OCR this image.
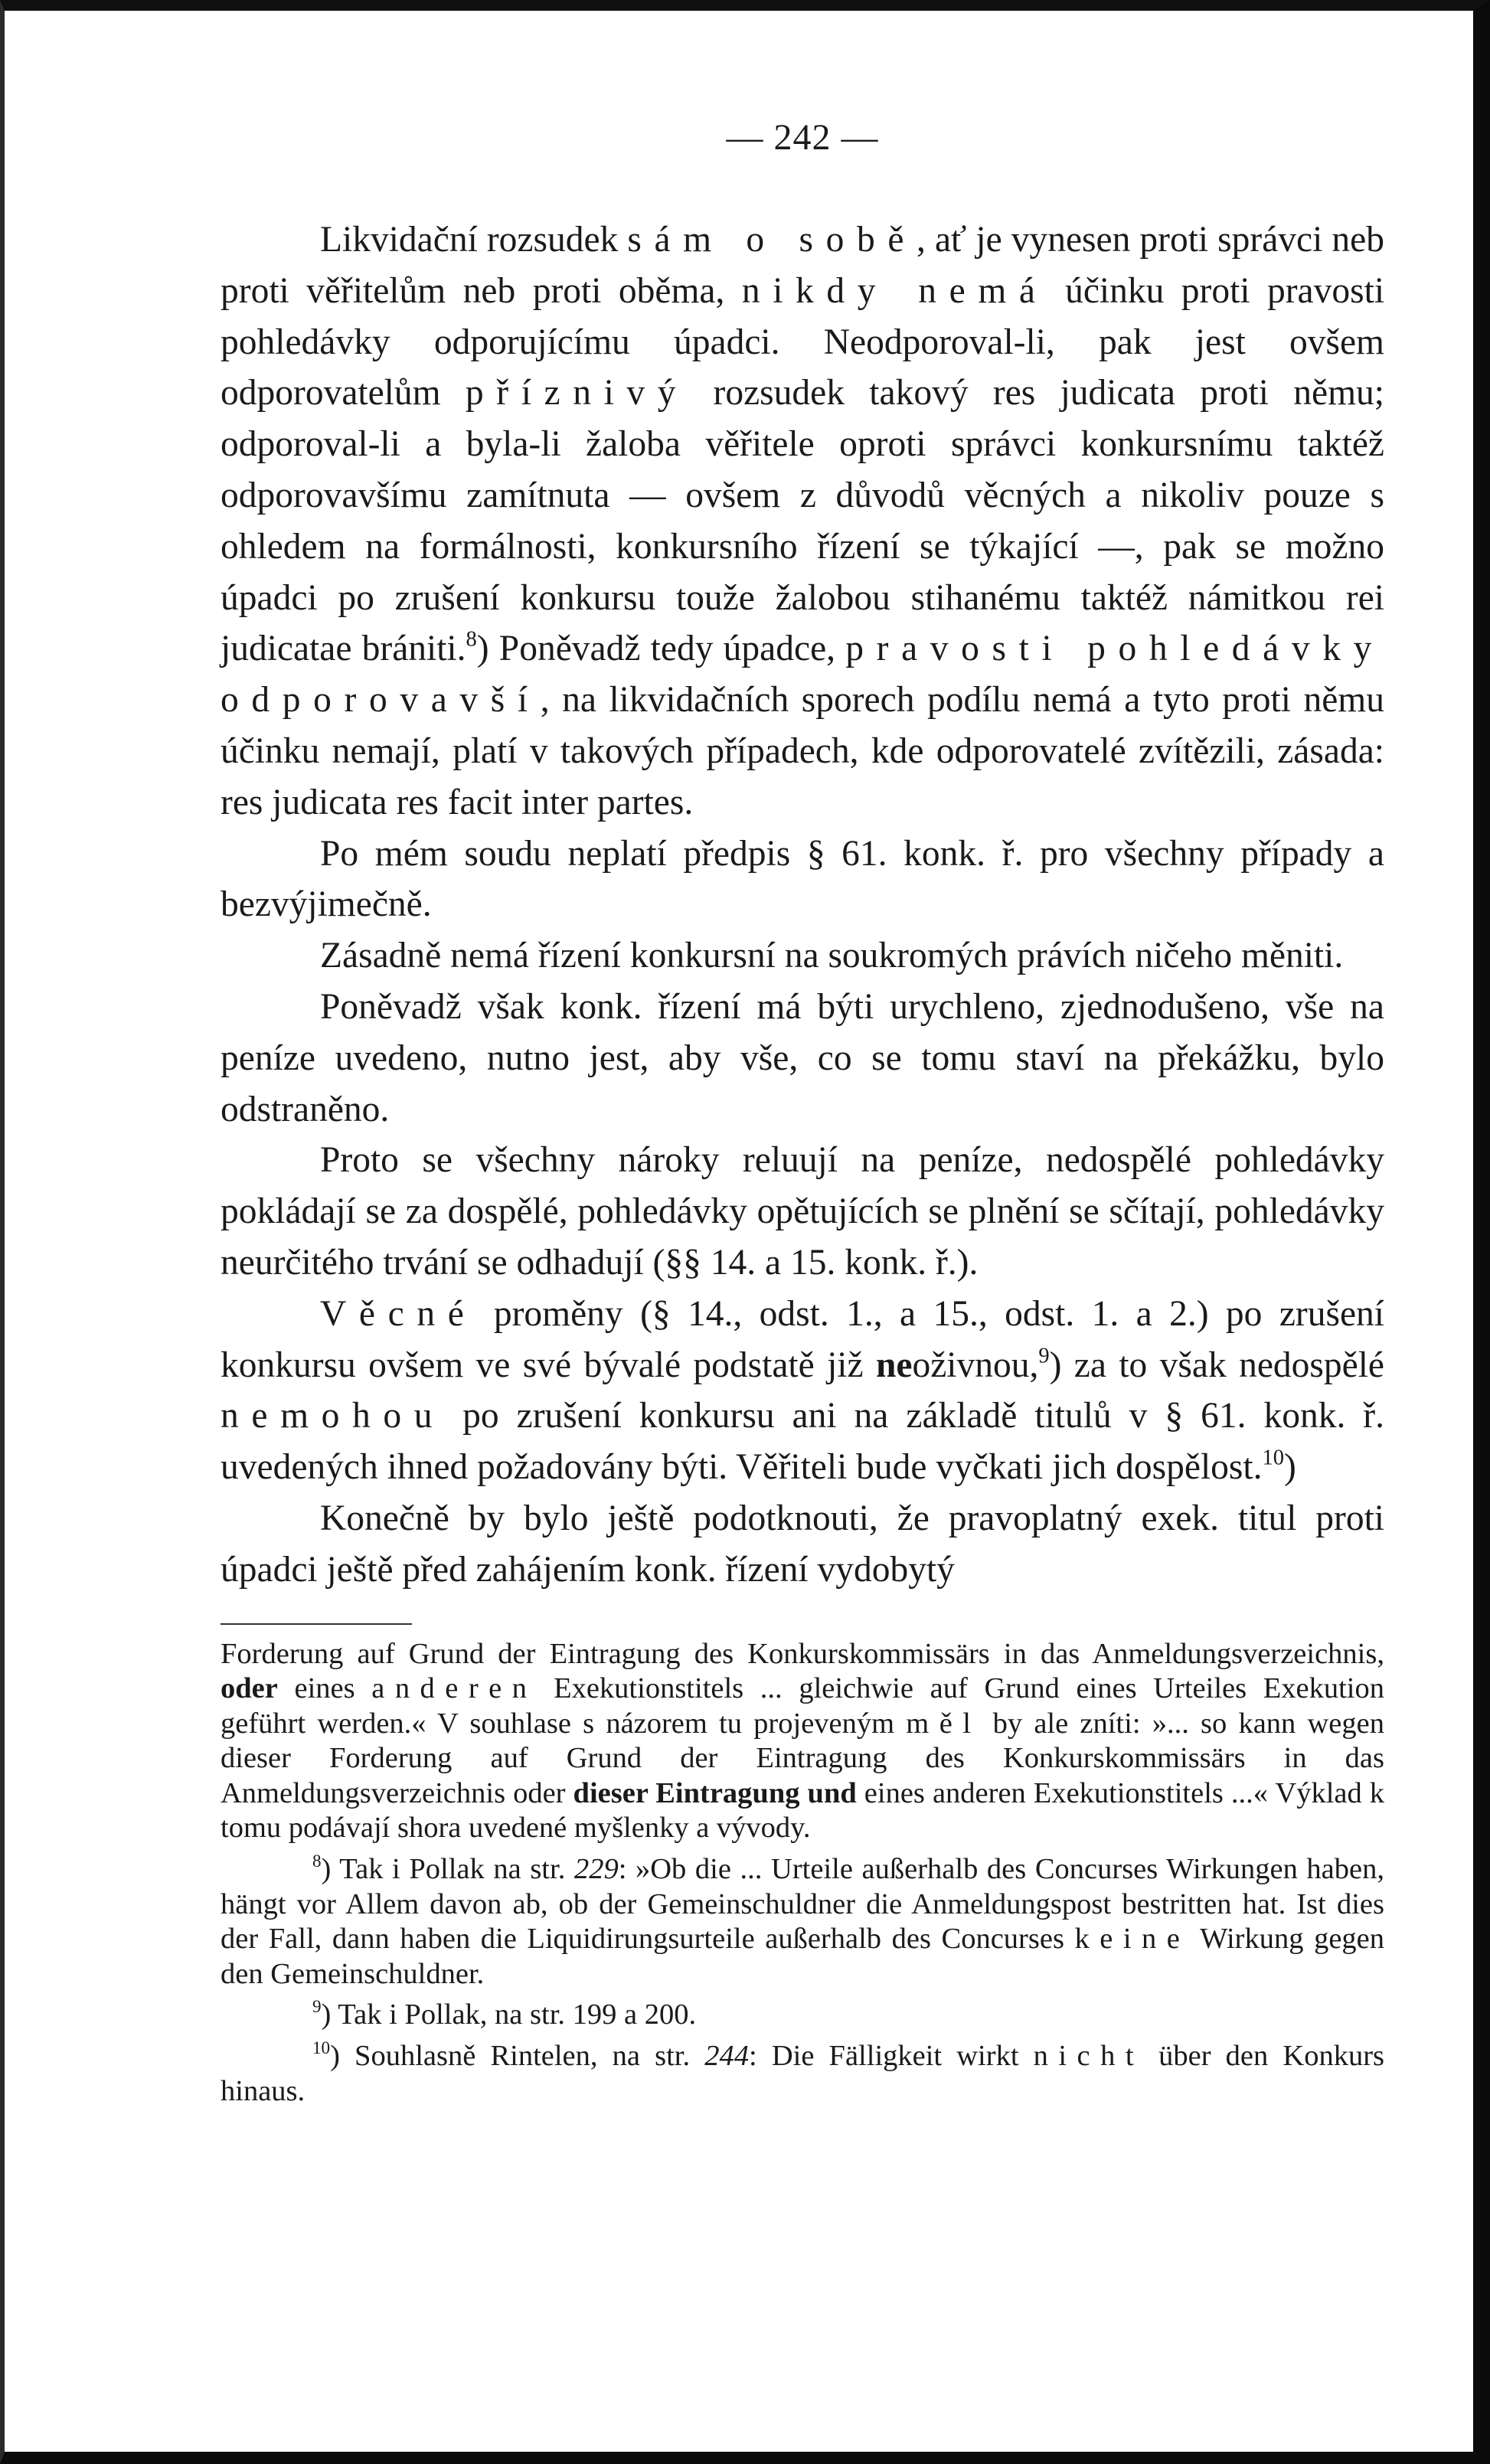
— 242 —

Likvidační rozsudek sám o sobě, ať je vynesen proti správci neb proti věřitelům neb proti oběma, nikdy nemá účinku proti pravosti pohledávky odporujícímu úpadci. Neodporoval-li, pak jest ovšem odporovatelům příznivý rozsudek takový res judicata proti němu; odporoval-li a byla-li žaloba věřitele oproti správci konkursnímu taktéž odporovavšímu zamítnuta — ovšem z důvodů věcných a nikoliv pouze s ohledem na formálnosti, konkursního řízení se týkající —, pak se možno úpadci po zrušení konkursu touže žalobou stihanému taktéž námitkou rei judicatae brániti.$^8$) Poněvadž tedy úpadce, pravosti pohledávky odporovavší, na likvidačních sporech podílu nemá a tyto proti němu účinku nemají, platí v takových případech, kde odporovatelé zvítězili, zásada: res judicata res facit inter partes.

Po mém soudu neplatí předpis § 61. konk. ř. pro všechny případy a bezvýjimečně.

Zásadně nemá řízení konkursní na soukromých právích ničeho měniti.

Poněvadž však konk. řízení má býti urychleno, zjednodušeno, vše na peníze uvedeno, nutno jest, aby vše, co se tomu staví na překážku, bylo odstraněno.

Proto se všechny nároky reluují na peníze, nedospělé pohledávky pokládají se za dospělé, pohledávky opětujících se plnění se sčítají, pohledávky neurčitého trvání se odhadují (§§ 14. a 15. konk. ř.).

Věcné proměny (§ 14., odst. 1., a 15., odst. 1. a 2.) po zrušení konkursu ovšem ve své bývalé podstatě již neoživnou,$^9$) za to však nedospělé nemohou po zrušení konkursu ani na základě titulů v § 61. konk. ř. uvedených ihned požadovány býti. Věřiteli bude vyčkati jich dospělost.$^{10}$)

Konečně by bylo ještě podotknouti, že pravoplatný exek. titul proti úpadci ještě před zahájením konk. řízení vydobytý

Forderung auf Grund der Eintragung des Konkurskommissärs in das Anmeldungsverzeichnis, oder eines anderen Exekutionstitels ... gleichwie auf Grund eines Urteiles Exekution geführt werden.« V souhlase s názorem tu projeveným měl by ale zníti: »... so kann wegen dieser Forderung auf Grund der Eintragung des Konkurskommissärs in das Anmeldungsverzeichnis oder dieser Eintragung und eines anderen Exekutionstitels ...« Výklad k tomu podávají shora uvedené myšlenky a vývody.

$^8$) Tak i Pollak na str. 229: »Ob die ... Urteile außerhalb des Concurses Wirkungen haben, hängt vor Allem davon ab, ob der Gemeinschuldner die Anmeldungspost bestritten hat. Ist dies der Fall, dann haben die Liquidirungsurteile außerhalb des Concurses keine Wirkung gegen den Gemeinschuldner.

$^9$) Tak i Pollak, na str. 199 a 200.

$^{10}$) Souhlasně Rintelen, na str. 244: Die Fälligkeit wirkt nicht über den Konkurs hinaus.
